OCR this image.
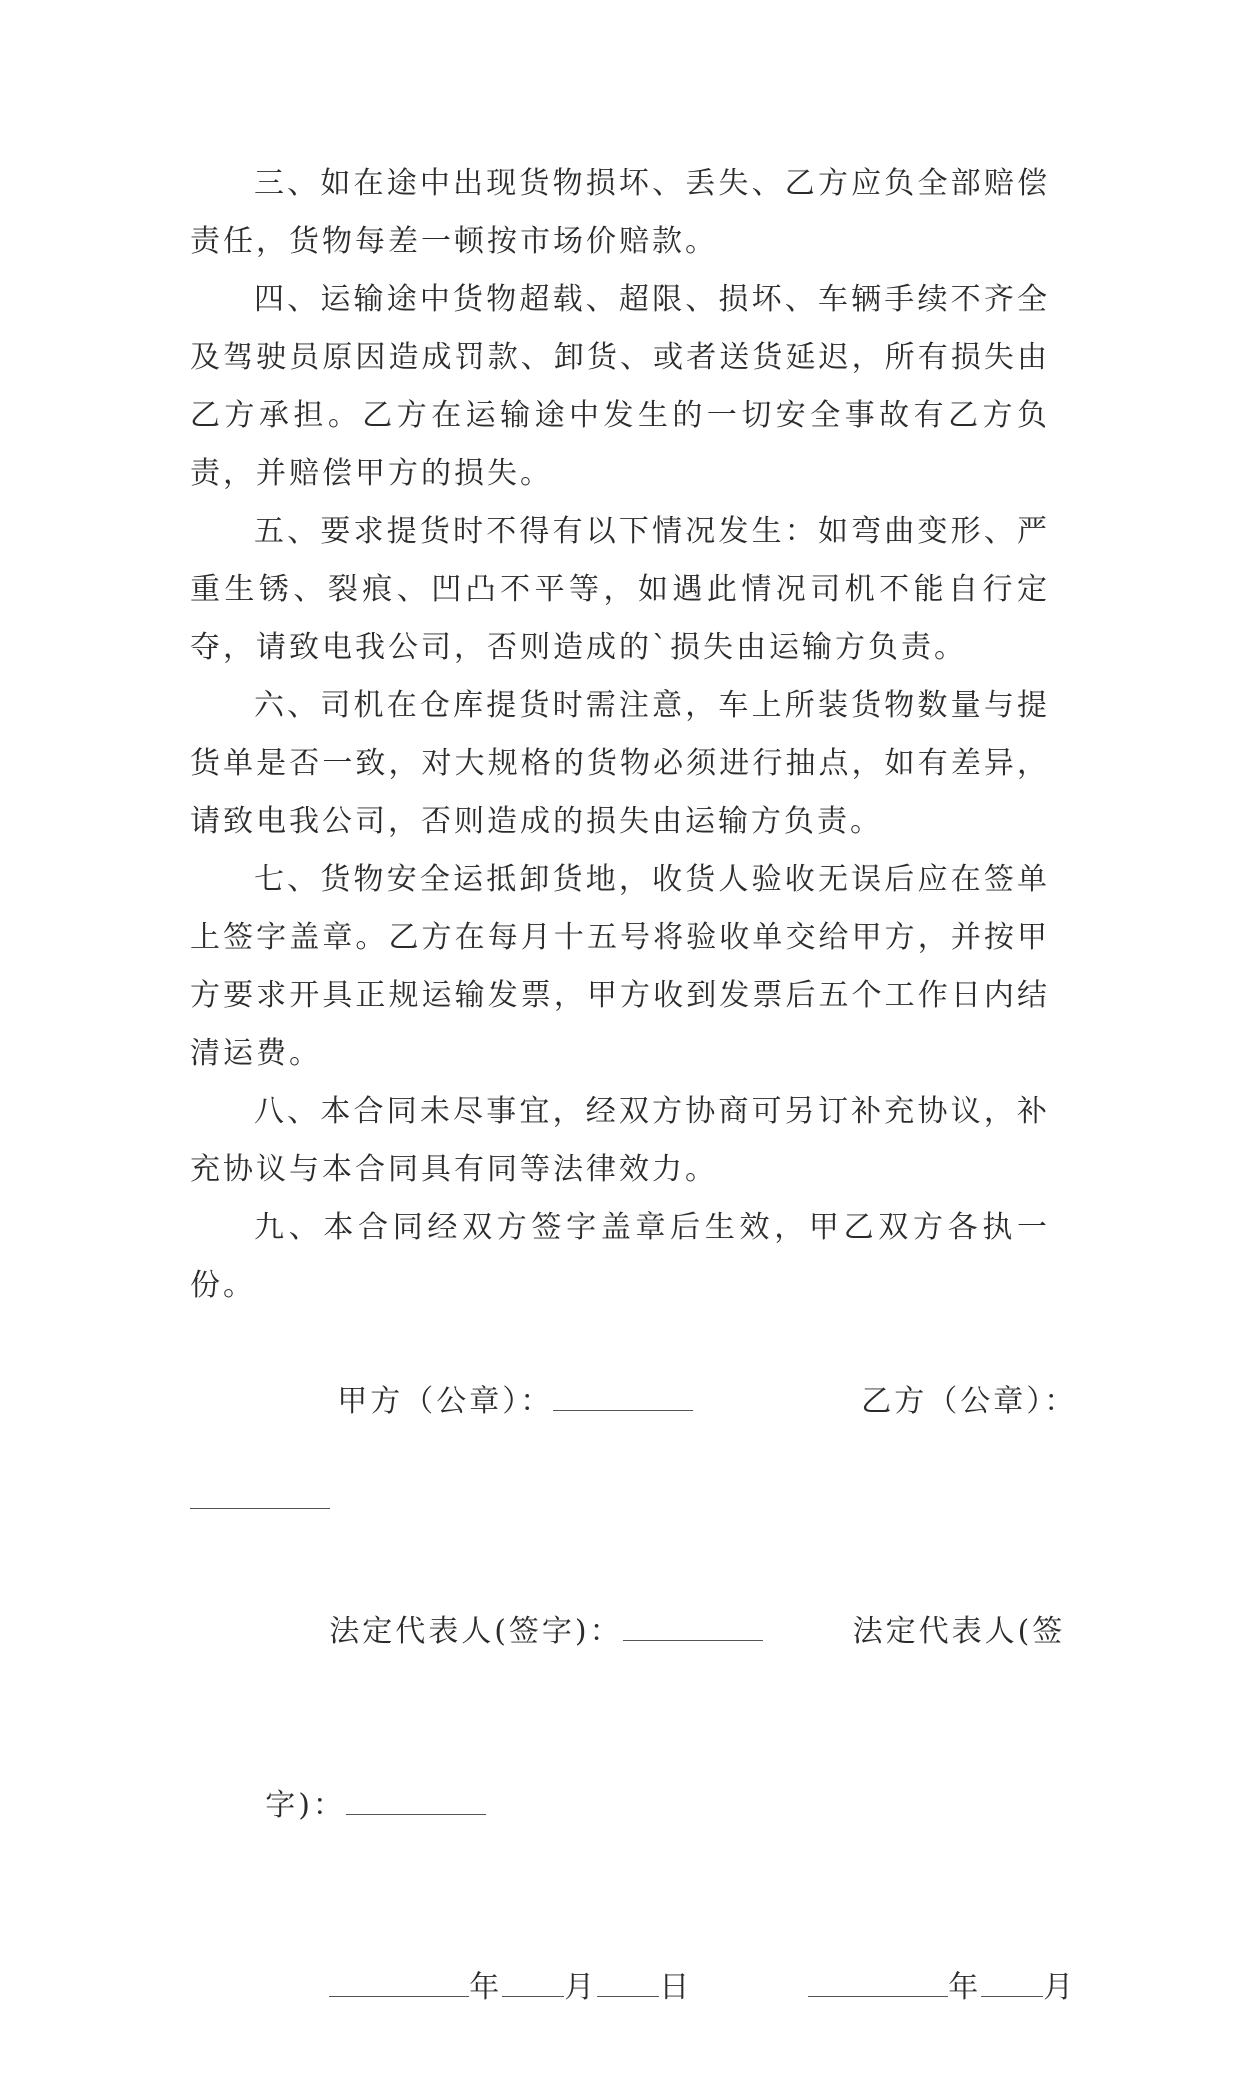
三、如在途中出现货物损坏、丢失、乙方应负全部赔偿责任，货物每差一顿按市场价赔款。

四、运输途中货物超载、超限、损坏、车辆手续不齐全及驾驶员原因造成罚款、卸货、或者送货延迟，所有损失由乙方承担。乙方在运输途中发生的一切安全事故有乙方负责，并赔偿甲方的损失。

五、要求提货时不得有以下情况发生：如弯曲变形、严重生锈、裂痕、凹凸不平等，如遇此情况司机不能自行定夺，请致电我公司，否则造成的`损失由运输方负责。

六、司机在仓库提货时需注意，车上所装货物数量与提货单是否一致，对大规格的货物必须进行抽点，如有差异，请致电我公司，否则造成的损失由运输方负责。

七、货物安全运抵卸货地，收货人验收无误后应在签单上签字盖章。乙方在每月十五号将验收单交给甲方，并按甲方要求开具正规运输发票，甲方收到发票后五个工作日内结清运费。

八、本合同未尽事宜，经双方协商可另订补充协议，补充协议与本合同具有同等法律效力。

九、本合同经双方签字盖章后生效，甲乙双方各执一份。

甲方（公章）：	乙方（公章）：

法定代表人(签字)：	法定代表人(签

字)：

年 月 日	年 月
